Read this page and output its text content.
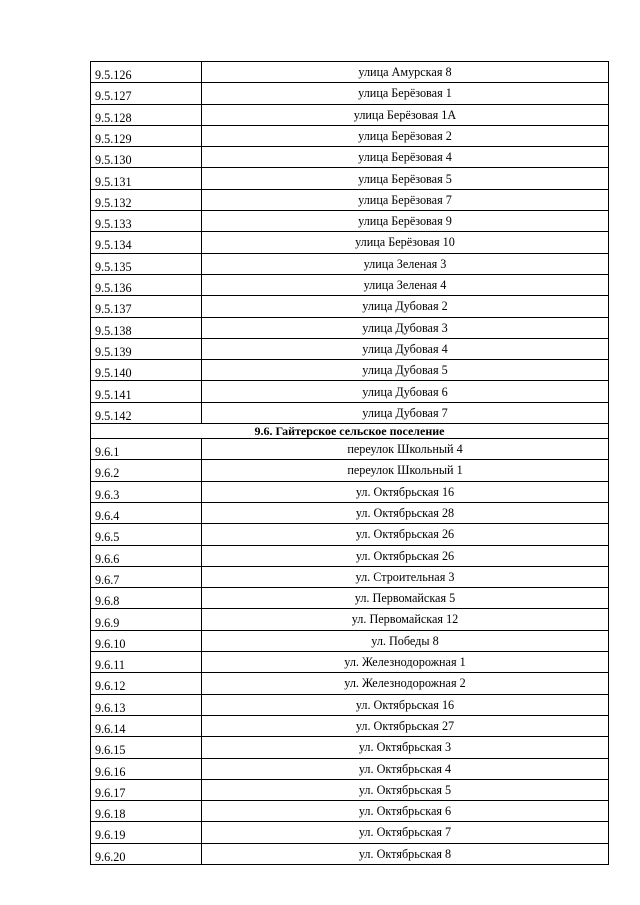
9.5.126	улица Амурская 8
9.5.127	улица Берёзовая 1
9.5.128	улица Берёзовая 1А
9.5.129	улица Берёзовая 2
9.5.130	улица Берёзовая 4
9.5.131	улица Берёзовая 5
9.5.132	улица Берёзовая 7
9.5.133	улица Берёзовая 9
9.5.134	улица Берёзовая 10
9.5.135	улица Зеленая 3
9.5.136	улица Зеленая 4
9.5.137	улица Дубовая 2
9.5.138	улица Дубовая 3
9.5.139	улица Дубовая 4
9.5.140	улица Дубовая 5
9.5.141	улица Дубовая 6
9.5.142	улица Дубовая 7
9.6. Гайтерское сельское поселение	
9.6.1	переулок Школьный 4
9.6.2	переулок Школьный 1
9.6.3	ул. Октябрьская 16
9.6.4	ул. Октябрьская 28
9.6.5	ул. Октябрьская 26
9.6.6	ул. Октябрьская 26
9.6.7	ул. Строительная 3
9.6.8	ул. Первомайская 5
9.6.9	ул. Первомайская 12
9.6.10	ул. Победы 8
9.6.11	ул. Железнодорожная 1
9.6.12	ул. Железнодорожная 2
9.6.13	ул. Октябрьская 16
9.6.14	ул. Октябрьская 27
9.6.15	ул. Октябрьская 3
9.6.16	ул. Октябрьская 4
9.6.17	ул. Октябрьская 5
9.6.18	ул. Октябрьская 6
9.6.19	ул. Октябрьская 7
9.6.20	ул. Октябрьская 8
